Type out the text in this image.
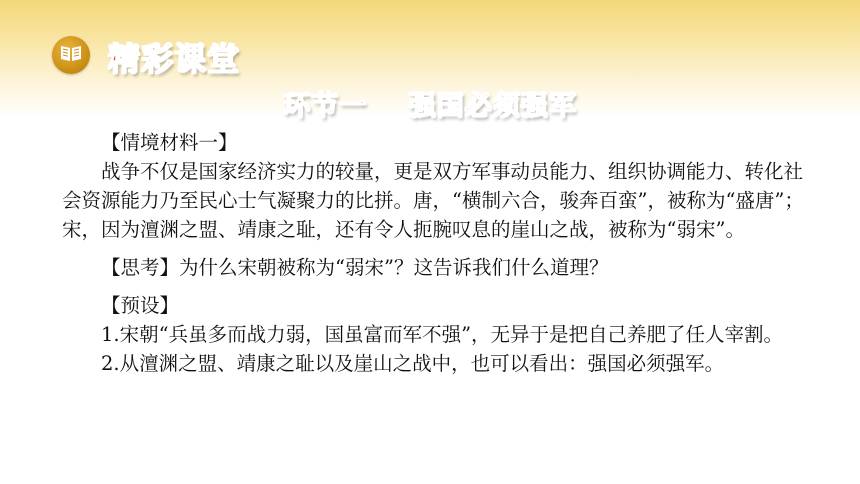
精彩课堂
环节一 强国必须强军

【情境材料一】

战争不仅是国家经济实力的较量，更是双方军事动员能力、组织协调能力、转化社会资源能力乃至民心士气凝聚力的比拼。唐，“横制六合，骏奔百蛮”，被称为“盛唐”；宋，因为澶渊之盟、靖康之耻，还有令人扼腕叹息的崖山之战，被称为“弱宋”。

【思考】为什么宋朝被称为“弱宋”？这告诉我们什么道理？

【预设】

1.宋朝“兵虽多而战力弱，国虽富而军不强”，无异于是把自己养肥了任人宰割。

2.从澶渊之盟、靖康之耻以及崖山之战中，也可以看出：强国必须强军。
